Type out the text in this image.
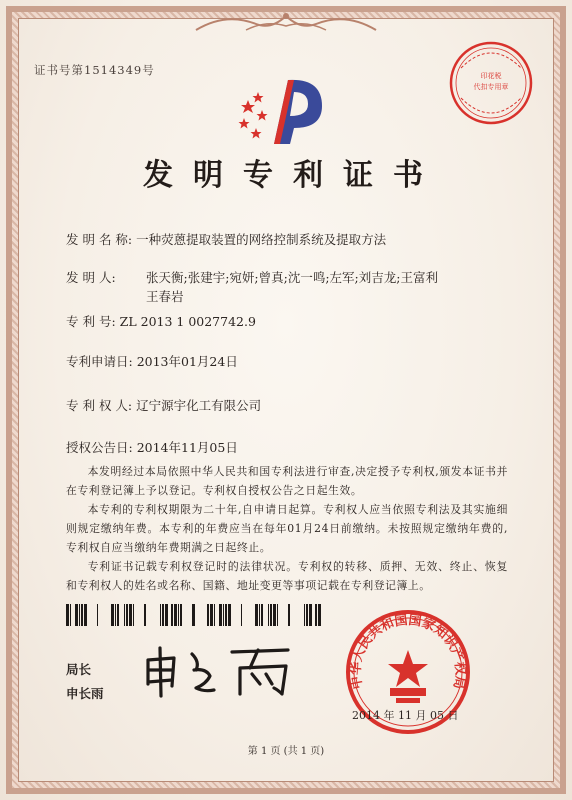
证书号第1514349号	印花税
代扣专用章
发明专利证书
发 明 名 称: 一种荧蒽提取装置的网络控制系统及提取方法
发 明 人: 张天衡;张建宇;宛妍;曾真;沈一鸣;左军;刘吉龙;王富利王春岩
专 利 号: ZL 2013 1 0027742.9
专利申请日: 2013年01月24日
专 利 权 人: 辽宁源宇化工有限公司
授权公告日: 2014年11月05日
本发明经过本局依照中华人民共和国专利法进行审查,决定授予专利权,颁发本证书并在专利登记簿上予以登记。专利权自授权公告之日起生效。
本专利的专利权期限为二十年,自申请日起算。专利权人应当依照专利法及其实施细则规定缴纳年费。本专利的年费应当在每年01月24日前缴纳。未按照规定缴纳年费的,专利权自应当缴纳年费期满之日起终止。
专利证书记载专利权登记时的法律状况。专利权的转移、质押、无效、终止、恢复和专利权人的姓名或名称、国籍、地址变更等事项记载在专利登记簿上。
局长
申长雨
中华人民共和国国家知识产权局
2014 年 11 月 05 日
第 1 页 (共 1 页)
